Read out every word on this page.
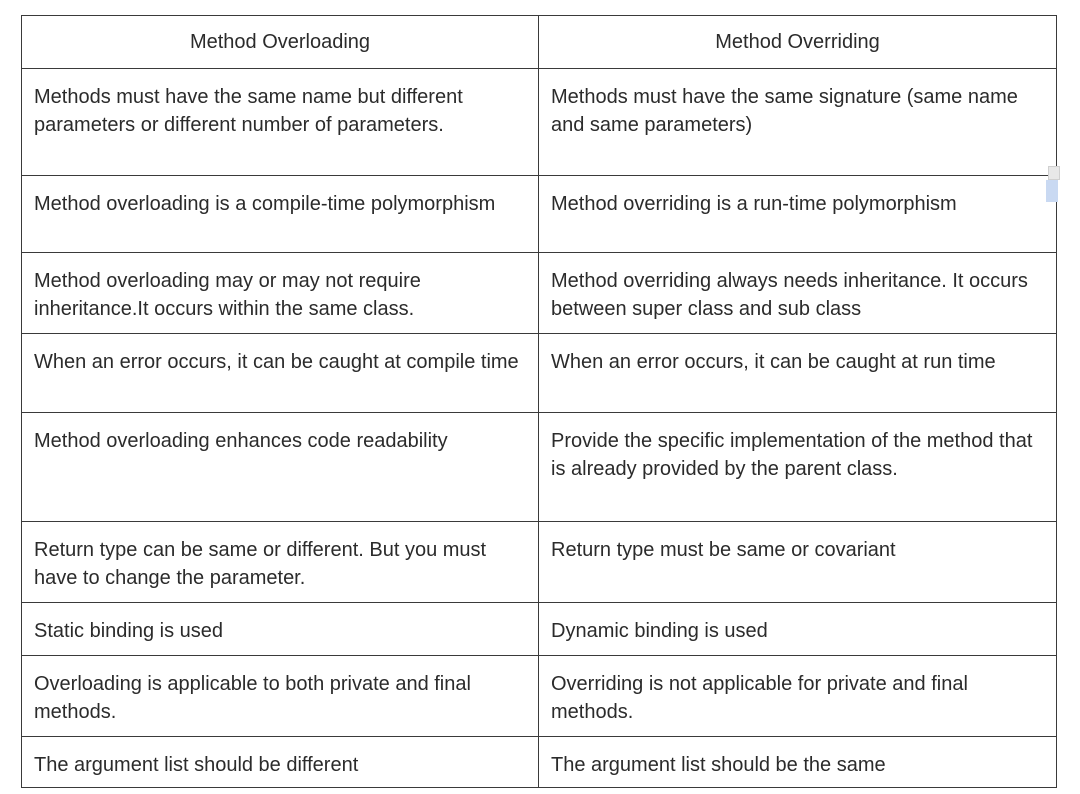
Method Overloading	Method Overriding
Methods must have the same name but different parameters or different number of parameters.	Methods must have the same signature (same name and same parameters)
Method overloading is a compile-time polymorphism	Method overriding is a run-time polymorphism

Method overloading may or may not require inheritance.It occurs within the same class.	Method overriding always needs inheritance. It occurs between super class and sub class
When an error occurs, it can be caught at compile time	When an error occurs, it can be caught at run time
Method overloading enhances code readability	Provide the specific implementation of the method that is already provided by the parent class.
Return type can be same or different. But you must have to change the parameter.	Return type must be same or covariant
Static binding is used	Dynamic binding is used
Overloading is applicable to both private and final methods.	Overriding is not applicable for private and final methods.
The argument list should be different	The argument list should be the same
